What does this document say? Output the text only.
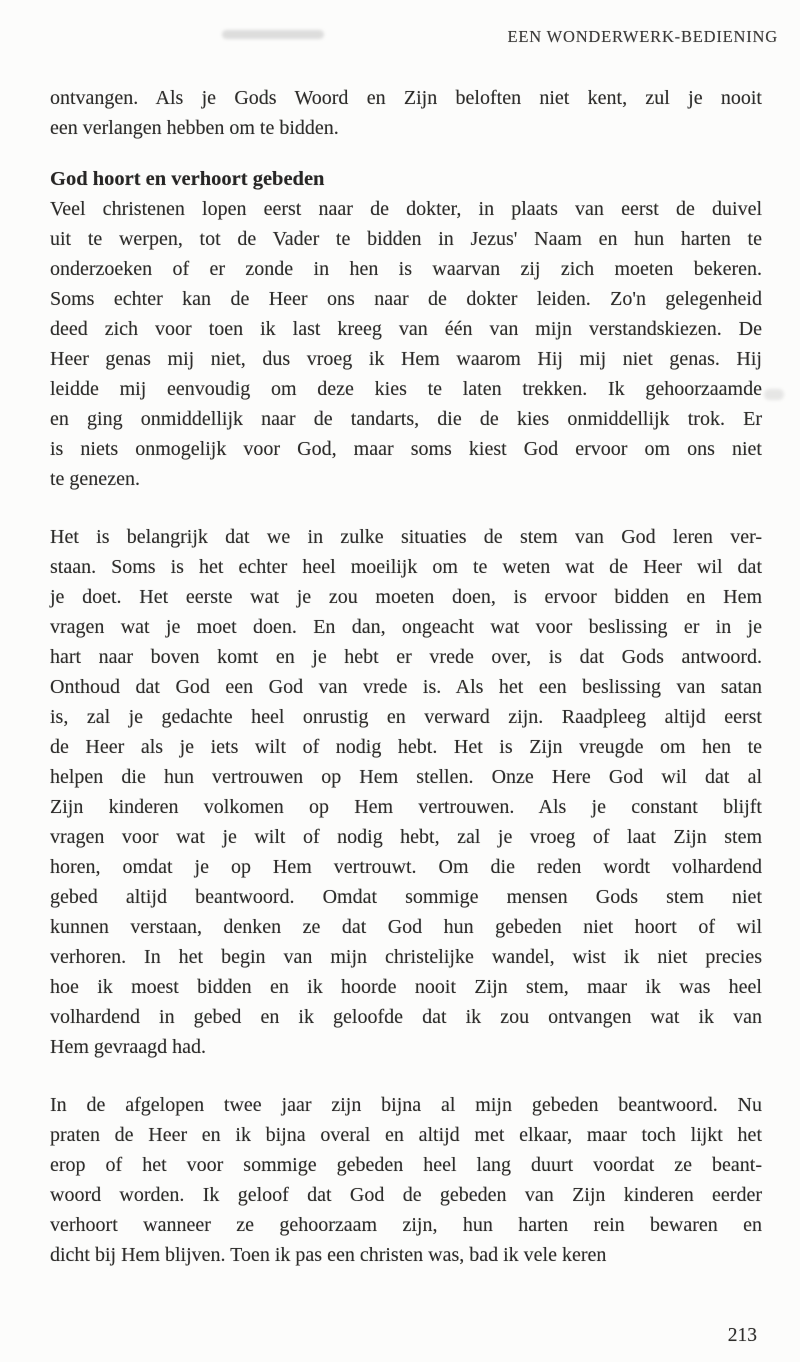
EEN WONDERWERK-BEDIENING
ontvangen. Als je Gods Woord en Zijn beloften niet kent, zul je nooit
een verlangen hebben om te bidden.
God hoort en verhoort gebeden
Veel christenen lopen eerst naar de dokter, in plaats van eerst de duivel
uit te werpen, tot de Vader te bidden in Jezus' Naam en hun harten te
onderzoeken of er zonde in hen is waarvan zij zich moeten bekeren.
Soms echter kan de Heer ons naar de dokter leiden. Zo'n gelegenheid
deed zich voor toen ik last kreeg van één van mijn verstandskiezen. De
Heer genas mij niet, dus vroeg ik Hem waarom Hij mij niet genas. Hij
leidde mij eenvoudig om deze kies te laten trekken. Ik gehoorzaamde
en ging onmiddellijk naar de tandarts, die de kies onmiddellijk trok. Er
is niets onmogelijk voor God, maar soms kiest God ervoor om ons niet
te genezen.
Het is belangrijk dat we in zulke situaties de stem van God leren ver-
staan. Soms is het echter heel moeilijk om te weten wat de Heer wil dat
je doet. Het eerste wat je zou moeten doen, is ervoor bidden en Hem
vragen wat je moet doen. En dan, ongeacht wat voor beslissing er in je
hart naar boven komt en je hebt er vrede over, is dat Gods antwoord.
Onthoud dat God een God van vrede is. Als het een beslissing van satan
is, zal je gedachte heel onrustig en verward zijn. Raadpleeg altijd eerst
de Heer als je iets wilt of nodig hebt. Het is Zijn vreugde om hen te
helpen die hun vertrouwen op Hem stellen. Onze Here God wil dat al
Zijn kinderen volkomen op Hem vertrouwen. Als je constant blijft
vragen voor wat je wilt of nodig hebt, zal je vroeg of laat Zijn stem
horen, omdat je op Hem vertrouwt. Om die reden wordt volhardend
gebed altijd beantwoord. Omdat sommige mensen Gods stem niet
kunnen verstaan, denken ze dat God hun gebeden niet hoort of wil
verhoren. In het begin van mijn christelijke wandel, wist ik niet precies
hoe ik moest bidden en ik hoorde nooit Zijn stem, maar ik was heel
volhardend in gebed en ik geloofde dat ik zou ontvangen wat ik van
Hem gevraagd had.
In de afgelopen twee jaar zijn bijna al mijn gebeden beantwoord. Nu
praten de Heer en ik bijna overal en altijd met elkaar, maar toch lijkt het
erop of het voor sommige gebeden heel lang duurt voordat ze beant-
woord worden. Ik geloof dat God de gebeden van Zijn kinderen eerder
verhoort wanneer ze gehoorzaam zijn, hun harten rein bewaren en
dicht bij Hem blijven. Toen ik pas een christen was, bad ik vele keren
213
